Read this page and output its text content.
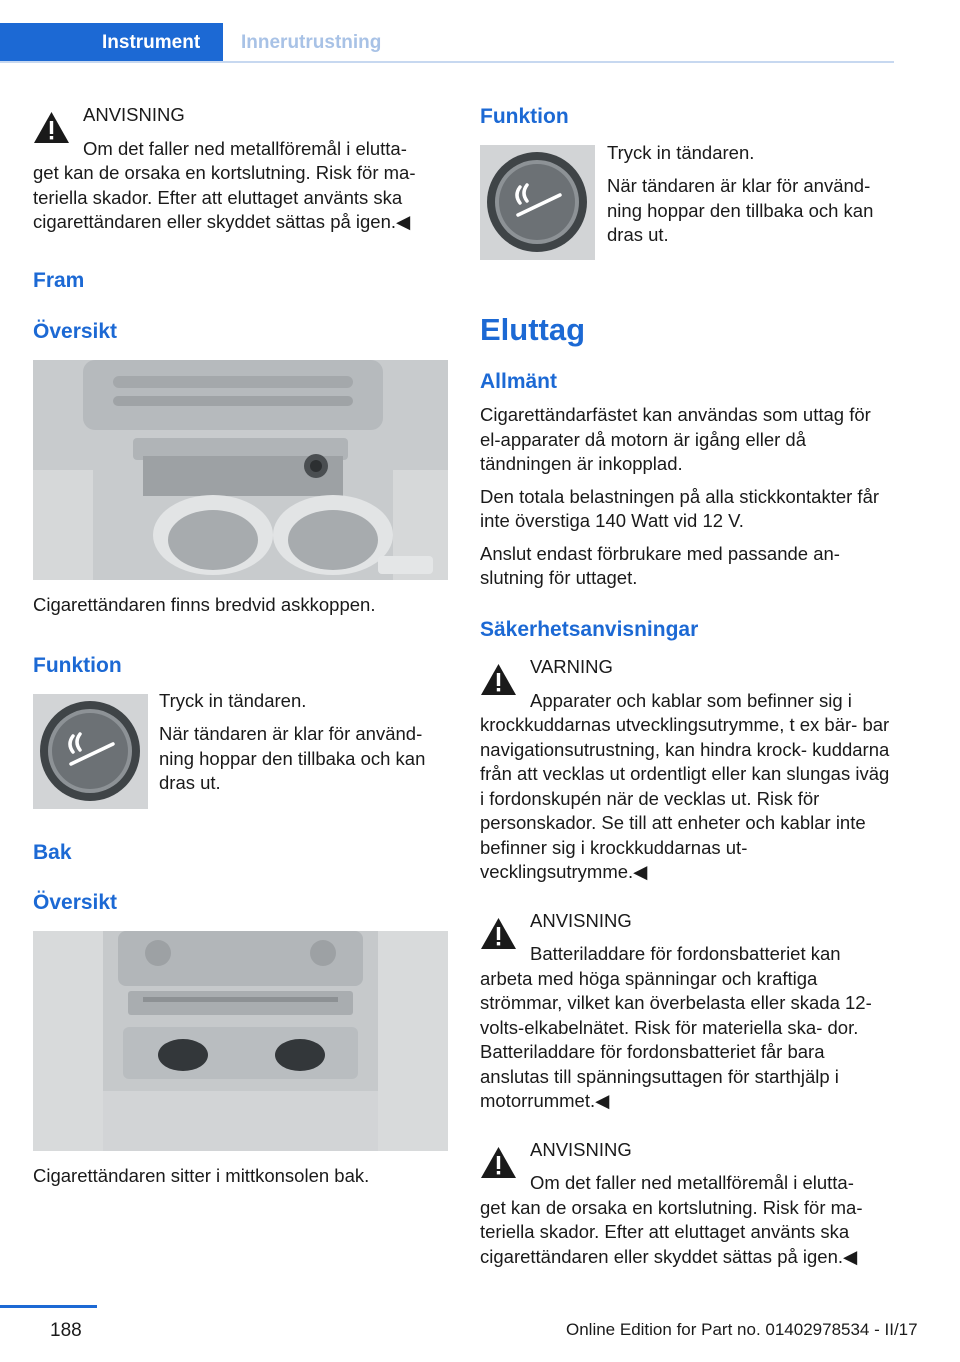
Instrument	Innerutrustning
ANVISNING
Om det faller ned metallföremål i elutta‐
get kan de orsaka en kortslutning. Risk för ma‐ teriella skador. Efter att eluttaget använts ska cigarettändaren eller skyddet sättas på igen.◀
Fram
Översikt
Cigarettändaren finns bredvid askkoppen.
Funktion
Tryck in tändaren.
När tändaren är klar för använd‐ ning hoppar den tillbaka och kan dras ut.
Bak
Översikt
Cigarettändaren sitter i mittkonsolen bak.
Funktion
Tryck in tändaren.
När tändaren är klar för använd‐ ning hoppar den tillbaka och kan dras ut.
Eluttag
Allmänt

Cigarettändarfästet kan användas som uttag för el-apparater då motorn är igång eller då tändningen är inkopplad.

Den totala belastningen på alla stickkontakter får inte överstiga 140 Watt vid 12 V.

Anslut endast förbrukare med passande an‐ slutning för uttaget.

Säkerhetsanvisningar
VARNING
Apparater och kablar som befinner sig i
krockkuddarnas utvecklingsutrymme, t ex bär‐ bar navigationsutrustning, kan hindra krock‐ kuddarna från att vecklas ut ordentligt eller kan slungas iväg i fordonskupén när de vecklas ut. Risk för personskador. Se till att enheter och kablar inte befinner sig i krockkuddarnas ut‐ vecklingsutrymme.◀
ANVISNING
Batteriladdare för fordonsbatteriet kan
arbeta med höga spänningar och kraftiga strömmar, vilket kan överbelasta eller skada 12-volts-elkabelnätet. Risk för materiella ska‐ dor. Batteriladdare för fordonsbatteriet får bara anslutas till spänningsuttagen för starthjälp i motorrummet.◀
ANVISNING
Om det faller ned metallföremål i elutta‐
get kan de orsaka en kortslutning. Risk för ma‐ teriella skador. Efter att eluttaget använts ska cigarettändaren eller skyddet sättas på igen.◀
188	Online Edition for Part no. 01402978534 - II/17
